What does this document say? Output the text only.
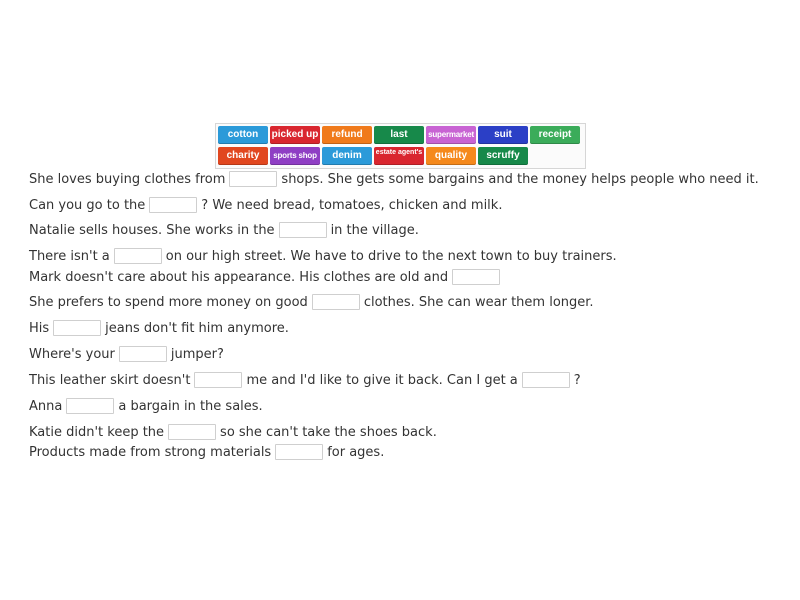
cotton	picked up	refund	last	supermarket	suit	receipt
charity	sports shop	denim	estate agent's	quality	scruffy
She loves buying clothes from	shops. She gets some bargains and the money helps people who need it.
Can you go to the	? We need bread, tomatoes, chicken and milk.
Natalie sells houses. She works in the	in the village.
There isn't a	on our high street. We have to drive to the next town to buy trainers.
Mark doesn't care about his appearance. His clothes are old and
She prefers to spend more money on good	clothes. She can wear them longer.
His	jeans don't fit him anymore.
Where's your	jumper?
This leather skirt doesn't	me and I'd like to give it back. Can I get a	?
Anna	a bargain in the sales.
Katie didn't keep the	so she can't take the shoes back.
Products made from strong materials	for ages.
